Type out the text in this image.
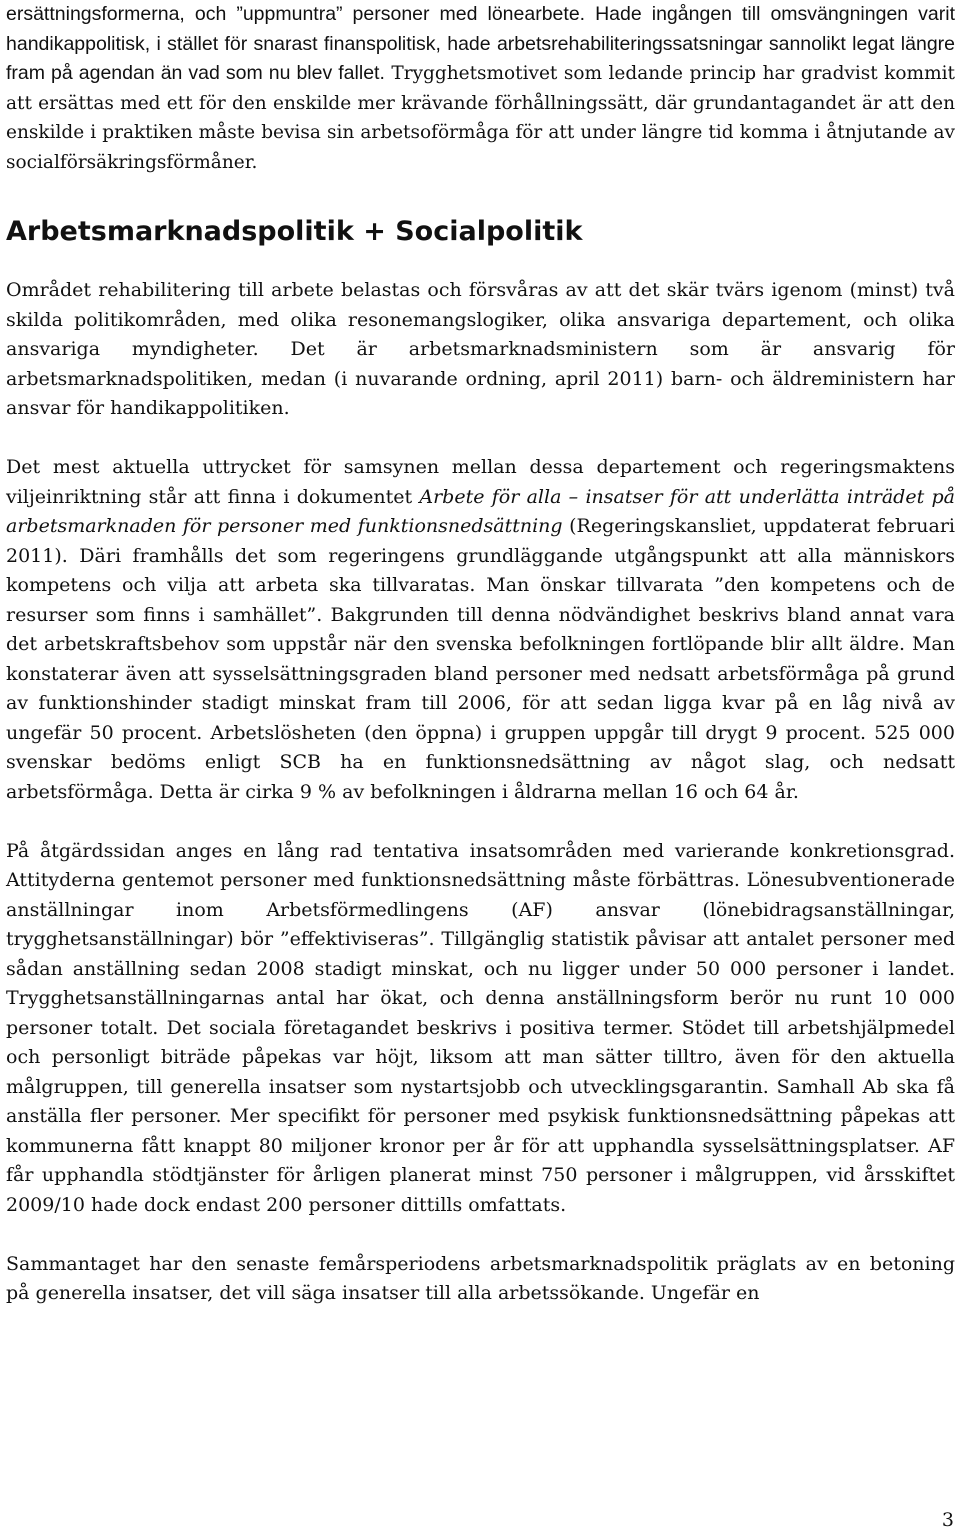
ersättningsformerna, och ”uppmuntra” personer med lönearbete. Hade ingången till omsvängningen varit handikappolitisk, i stället för snarast finanspolitisk, hade arbetsrehabiliteringssatsningar sannolikt legat längre fram på agendan än vad som nu blev fallet. Trygghetsmotivet som ledande princip har gradvist kommit att ersättas med ett för den enskilde mer krävande förhållningssätt, där grundantagandet är att den enskilde i praktiken måste bevisa sin arbetsoförmåga för att under längre tid komma i åtnjutande av socialförsäkringsförmåner.

Arbetsmarknadspolitik + Socialpolitik

Området rehabilitering till arbete belastas och försvåras av att det skär tvärs igenom (minst) två skilda politikområden, med olika resonemangslogiker, olika ansvariga departement, och olika ansvariga myndigheter. Det är arbetsmarknadsministern som är ansvarig för arbetsmarknadspolitiken, medan (i nuvarande ordning, april 2011) barn- och äldreministern har ansvar för handikappolitiken.

Det mest aktuella uttrycket för samsynen mellan dessa departement och regeringsmaktens viljeinriktning står att finna i dokumentet Arbete för alla – insatser för att underlätta inträdet på arbetsmarknaden för personer med funktionsnedsättning (Regeringskansliet, uppdaterat februari 2011). Däri framhålls det som regeringens grundläggande utgångspunkt att alla människors kompetens och vilja att arbeta ska tillvaratas. Man önskar tillvarata ”den kompetens och de resurser som finns i samhället”. Bakgrunden till denna nödvändighet beskrivs bland annat vara det arbetskraftsbehov som uppstår när den svenska befolkningen fortlöpande blir allt äldre. Man konstaterar även att sysselsättningsgraden bland personer med nedsatt arbetsförmåga på grund av funktionshinder stadigt minskat fram till 2006, för att sedan ligga kvar på en låg nivå av ungefär 50 procent. Arbetslösheten (den öppna) i gruppen uppgår till drygt 9 procent. 525 000 svenskar bedöms enligt SCB ha en funktionsnedsättning av något slag, och nedsatt arbetsförmåga. Detta är cirka 9 % av befolkningen i åldrarna mellan 16 och 64 år.

På åtgärdssidan anges en lång rad tentativa insatsområden med varierande konkretionsgrad. Attityderna gentemot personer med funktionsnedsättning måste förbättras. Lönesubventionerade anställningar inom Arbetsförmedlingens (AF) ansvar (lönebidragsanställningar, trygghetsanställningar) bör ”effektiviseras”. Tillgänglig statistik påvisar att antalet personer med sådan anställning sedan 2008 stadigt minskat, och nu ligger under 50 000 personer i landet. Trygghetsanställningarnas antal har ökat, och denna anställningsform berör nu runt 10 000 personer totalt. Det sociala företagandet beskrivs i positiva termer. Stödet till arbetshjälpmedel och personligt biträde påpekas var höjt, liksom att man sätter tilltro, även för den aktuella målgruppen, till generella insatser som nystartsjobb och utvecklingsgarantin. Samhall Ab ska få anställa fler personer. Mer specifikt för personer med psykisk funktionsnedsättning påpekas att kommunerna fått knappt 80 miljoner kronor per år för att upphandla sysselsättningsplatser. AF får upphandla stödtjänster för årligen planerat minst 750 personer i målgruppen, vid årsskiftet 2009/10 hade dock endast 200 personer dittills omfattats.

Sammantaget har den senaste femårsperiodens arbetsmarknadspolitik präglats av en betoning på generella insatser, det vill säga insatser till alla arbetssökande. Ungefär en

3
